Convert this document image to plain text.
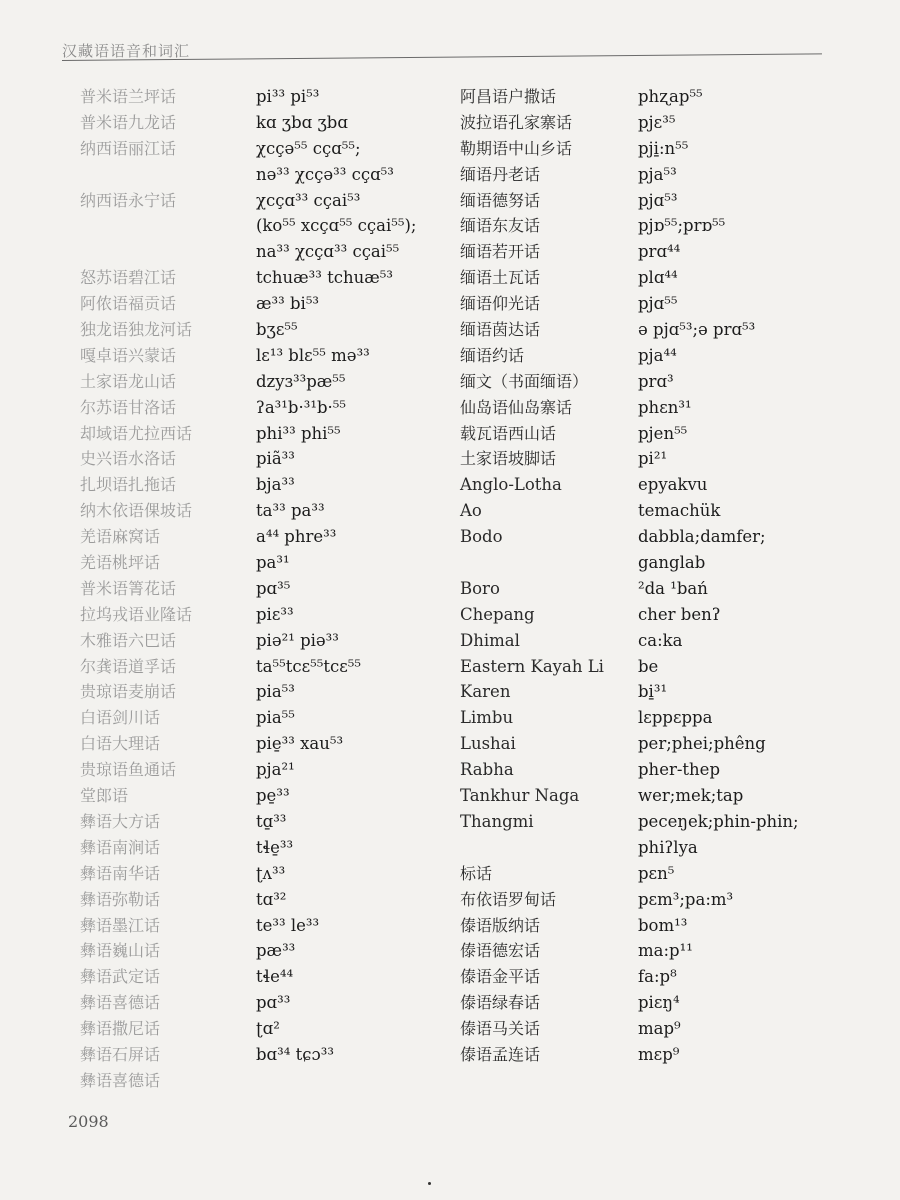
汉藏语语音和词汇
普米语兰坪话
普米语九龙话
纳西语丽江话
纳西语永宁话
怒苏语碧江话
阿侬语福贡话
独龙语独龙河话
嘎卓语兴蒙话
土家语龙山话
尔苏语甘洛话
却域语尤拉西话
史兴语水洛话
扎坝语扎拖话
纳木依语倮坡话
羌语麻窝话
羌语桃坪话
普米语箐花话
拉坞戎语业隆话
木雅语六巴话
尔龚语道孚话
贵琼语麦崩话
白语剑川话
白语大理话
贵琼语鱼通话
堂郎语
彝语大方话
彝语南涧话
彝语南华话
彝语弥勒话
彝语墨江话
彝语巍山话
彝语武定话
彝语喜德话
彝语撒尼话
彝语石屏话
彝语喜德话
pi³³ pi⁵³
kɑ ʒbɑ ʒbɑ
χcçə⁵⁵ cçɑ⁵⁵;
nə³³ χcçə³³ cçɑ⁵³
χcçɑ³³ cçai⁵³
(ko⁵⁵ xcçɑ⁵⁵ cçai⁵⁵);
na³³ χcçɑ³³ cçai⁵⁵
tchuæ³³ tchuæ⁵³
æ³³ bi⁵³
bʒɛ⁵⁵
lɛ¹³ blɛ⁵⁵ mə³³
dzyɜ³³pæ⁵⁵
ʔa³¹b·³¹b·⁵⁵
phi³³ phi⁵⁵
piã³³
bja³³
ta³³ pa³³
a⁴⁴ phre³³
pa³¹
pɑ³⁵
piɛ³³
piə²¹ piə³³
ta⁵⁵tcɛ⁵⁵tcɛ⁵⁵
pia⁵³
pia⁵⁵
pie̱³³ xau⁵³
pja²¹
pe̱³³
tɑ̱³³
tɬe̱³³
ʈʌ³³
tɑ³²
te³³ le³³
pæ³³
tɬe⁴⁴
pɑ³³
ʈɑ²
bɑ³⁴ tɕɔ³³
阿昌语户撒话
波拉语孔家寨话
勒期语中山乡话
缅语丹老话
缅语德努话
缅语东友话
缅语若开话
缅语土瓦话
缅语仰光话
缅语茵达话
缅语约话
缅文（书面缅语）
仙岛语仙岛寨话
载瓦语西山话
土家语坡脚话
Anglo-Lotha
Ao
Bodo
Boro
Chepang
Dhimal
Eastern Kayah Li
Karen
Limbu
Lushai
Rabha
Tankhur Naga
Thangmi
标话
布依语罗甸话
傣语版纳话
傣语德宏话
傣语金平话
傣语绿春话
傣语马关话
傣语孟连话
phʐap⁵⁵
pjɛ³⁵
pji̱:n⁵⁵
pja⁵³
pjɑ⁵³
pjɒ⁵⁵;prɒ⁵⁵
prɑ⁴⁴
plɑ⁴⁴
pjɑ⁵⁵
ə pjɑ⁵³;ə prɑ⁵³
pja⁴⁴
prɑ³
phɛn³¹
pjen⁵⁵
pi²¹
epyakvu
temachük
dabbla;damfer;
ganglab
²da ¹bań
cher benʔ
ca:ka
be
bi̱³¹
lɛppɛppa
per;phei;phêng
pher-thep
wer;mek;tap
peceŋek;phin-phin;
phiʔlya
pɛn⁵
pɛm³;pa:m³
bom¹³
ma:p¹¹
fa:p⁸
piɛŋ⁴
map⁹
mɛp⁹
2098
